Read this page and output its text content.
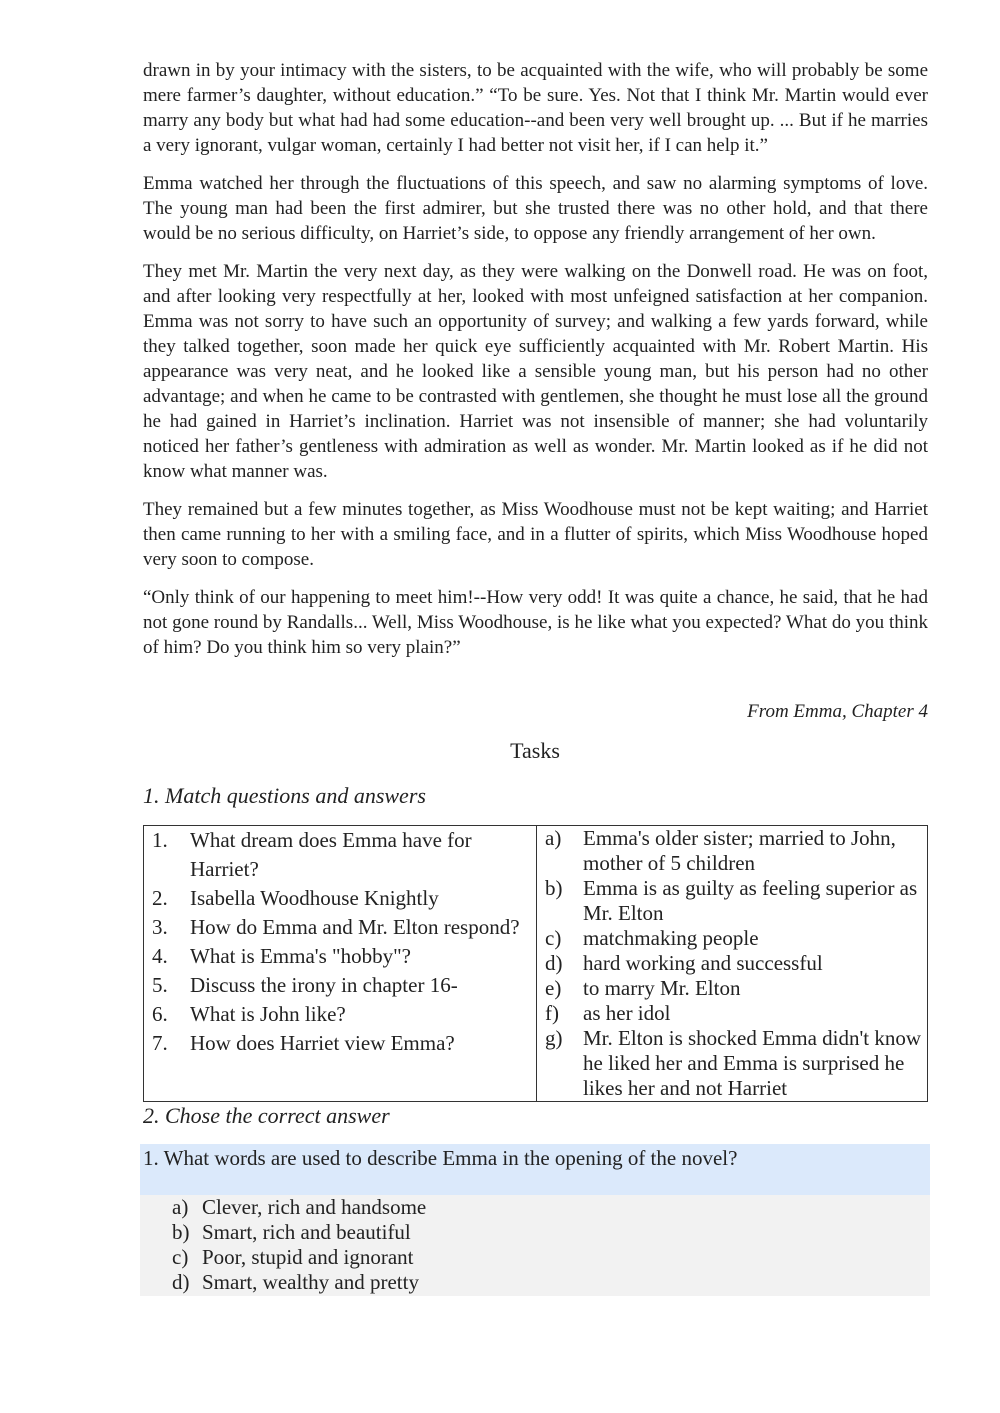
drawn in by your intimacy with the sisters, to be acquainted with the wife, who will probably be some mere farmer’s daughter, without education.” “To be sure. Yes. Not that I think Mr. Martin would ever marry any body but what had had some education--and been very well brought up. ... But if he marries a very ignorant, vulgar woman, certainly I had better not visit her, if I can help it.”

Emma watched her through the fluctuations of this speech, and saw no alarming symptoms of love. The young man had been the first admirer, but she trusted there was no other hold, and that there would be no serious difficulty, on Harriet’s side, to oppose any friendly arrangement of her own.

They met Mr. Martin the very next day, as they were walking on the Donwell road. He was on foot, and after looking very respectfully at her, looked with most unfeigned satisfaction at her companion. Emma was not sorry to have such an opportunity of survey; and walking a few yards forward, while they talked together, soon made her quick eye sufficiently acquainted with Mr. Robert Martin. His appearance was very neat, and he looked like a sensible young man, but his person had no other advantage; and when he came to be contrasted with gentlemen, she thought he must lose all the ground he had gained in Harriet’s inclination. Harriet was not insensible of manner; she had voluntarily noticed her father’s gentleness with admiration as well as wonder. Mr. Martin looked as if he did not know what manner was.

They remained but a few minutes together, as Miss Woodhouse must not be kept waiting; and Harriet then came running to her with a smiling face, and in a flutter of spirits, which Miss Woodhouse hoped very soon to compose.

“Only think of our happening to meet him!--How very odd! It was quite a chance, he said, that he had not gone round by Randalls... Well, Miss Woodhouse, is he like what you expected? What do you think of him? Do you think him so very plain?”

From Emma, Chapter 4
Tasks
1. Match questions and answers
1.	What dream does Emma have for Harriet?
2.	Isabella Woodhouse Knightly
3.	How do Emma and Mr. Elton respond?
4.	What is Emma's "hobby"?
5.	Discuss the irony in chapter 16-
6.	What is John like?
7.	How does Harriet view Emma?
a)	Emma's older sister; married to John, mother of 5 children
b) Emma is as guilty as feeling superior as Mr. Elton
c)	matchmaking people
d) hard working and successful
e)	to marry Mr. Elton
f)	as her idol
g) Mr. Elton is shocked Emma didn't know he liked her and Emma is surprised he likes her and not Harriet
2. Chose the correct answer
1. What words are used to describe Emma in the opening of the novel?
a) Clever, rich and handsome
b) Smart, rich and beautiful
c) Poor, stupid and ignorant
d) Smart, wealthy and pretty
